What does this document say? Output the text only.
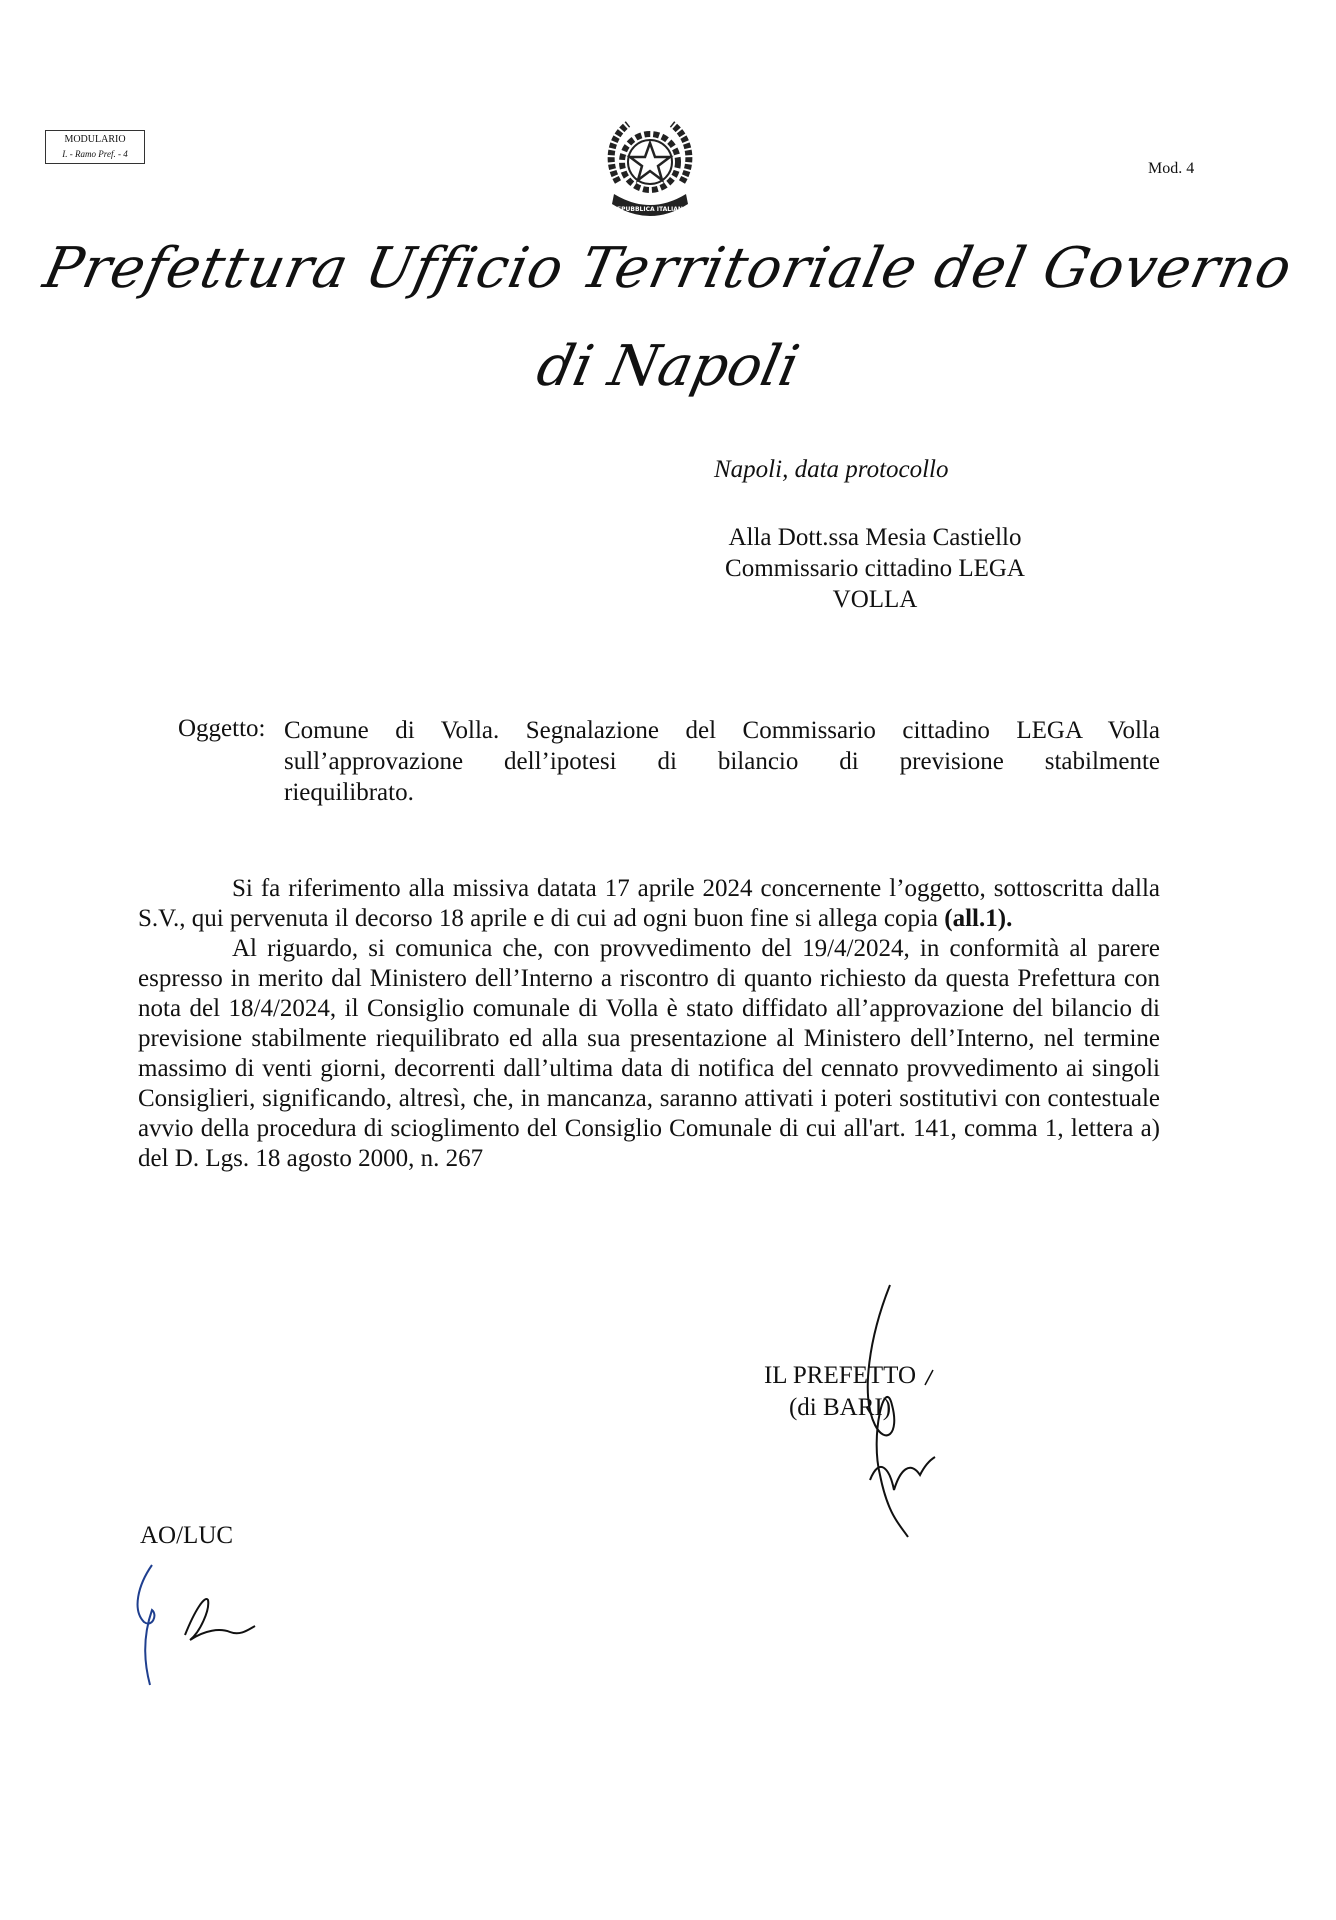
MODULARIO
I. - Ramo Pref. - 4
Mod. 4
REPUBBLICA ITALIANA
Prefettura Ufficio Territoriale del Governo
di Napoli
Napoli, data protocollo
Alla Dott.ssa Mesia Castiello
Commissario cittadino LEGA
VOLLA
Oggetto: Comune di Volla. Segnalazione del Commissario cittadino LEGA Volla
sull’approvazione dell’ipotesi di bilancio di previsione stabilmente
riequilibrato.

Si fa riferimento alla missiva datata 17 aprile 2024 concernente l’oggetto, sottoscritta dalla S.V., qui pervenuta il decorso 18 aprile e di cui ad ogni buon fine si allega copia (all.1).

Al riguardo, si comunica che, con provvedimento del 19/4/2024, in conformità al parere espresso in merito dal Ministero dell’Interno a riscontro di quanto richiesto da questa Prefettura con nota del 18/4/2024, il Consiglio comunale di Volla è stato diffidato all’approvazione del bilancio di previsione stabilmente riequilibrato ed alla sua presentazione al Ministero dell’Interno, nel termine massimo di venti giorni, decorrenti dall’ultima data di notifica del cennato provvedimento ai singoli Consiglieri, significando, altresì, che, in mancanza, saranno attivati i poteri sostitutivi con contestuale avvio della procedura di scioglimento del Consiglio Comunale di cui all'art. 141, comma 1, lettera a) del D. Lgs. 18 agosto 2000, n. 267

IL PREFETTO
(di BARI)
AO/LUC
